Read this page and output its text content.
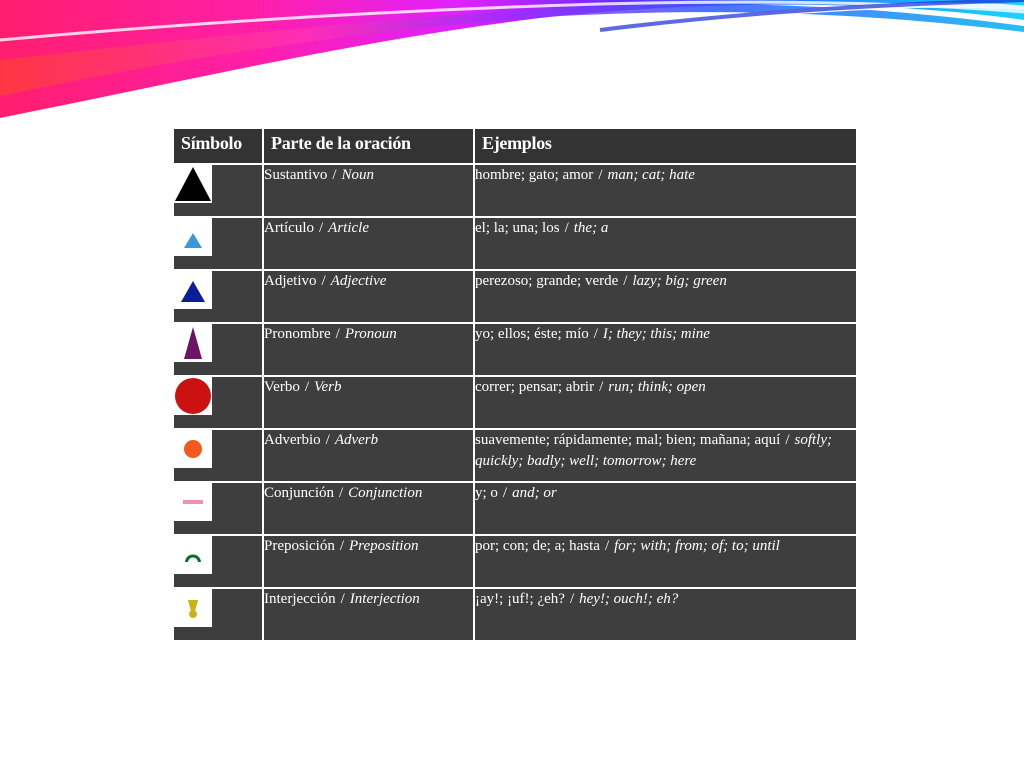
Símbolo	Parte de la oración	Ejemplos

	Sustantivo / Noun	hombre; gato; amor / man; cat; hate

	Artículo / Article	el; la; una; los / the; a

	Adjetivo / Adjective	perezoso; grande; verde / lazy; big; green

	Pronombre / Pronoun	yo; ellos; éste; mío / I; they; this; mine

	Verbo / Verb	correr; pensar; abrir / run; think; open

	Adverbio / Adverb	suavemente; rápidamente; mal; bien; mañana; aquí / softly; quickly; badly; well; tomorrow; here

	Conjunción / Conjunction	y; o / and; or

	Preposición / Preposition	por; con; de; a; hasta / for; with; from; of; to; until

	Interjección / Interjection	¡ay!; ¡uf!; ¿eh? / hey!; ouch!; eh?
